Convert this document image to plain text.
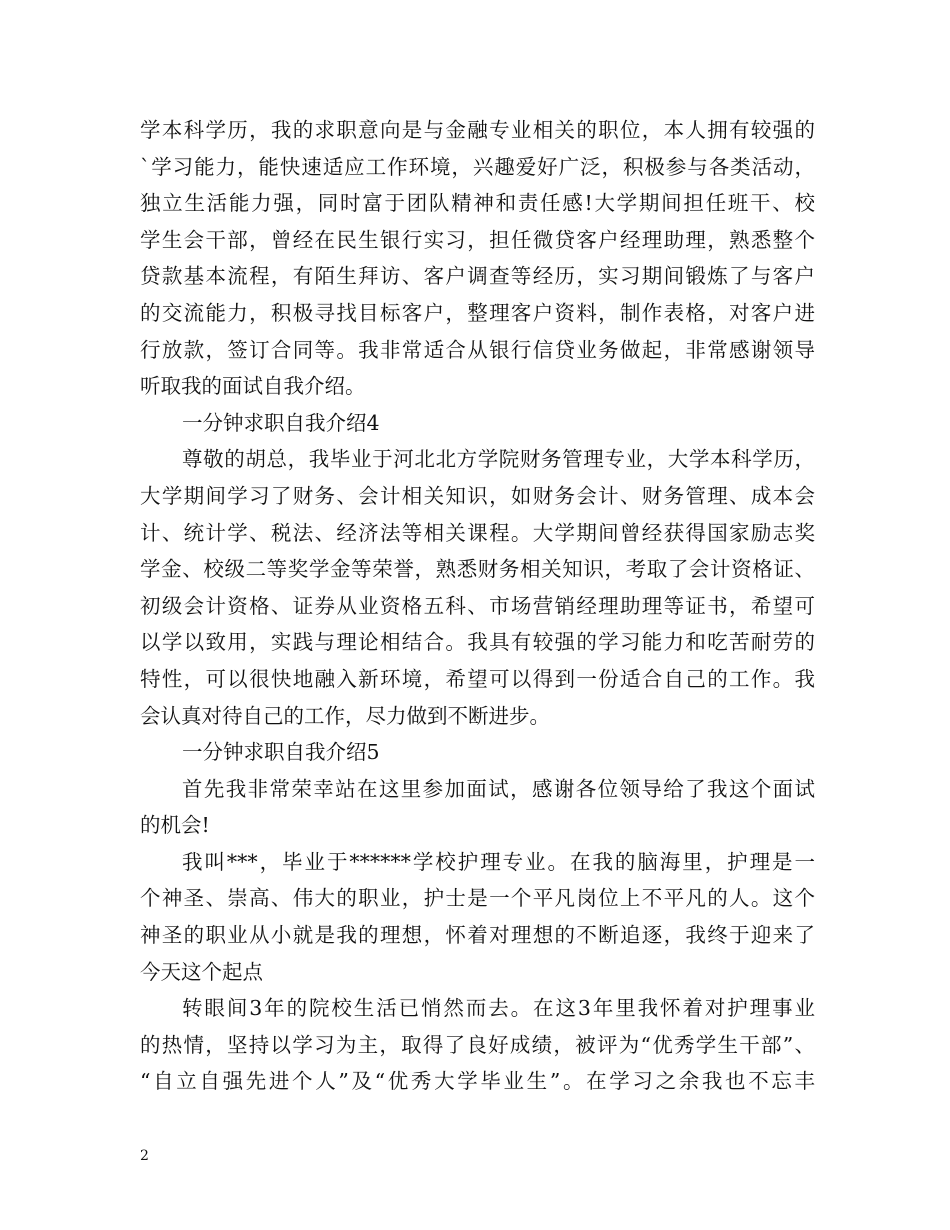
学本科学历，我的求职意向是与金融专业相关的职位，本人拥有较强的
`学习能力，能快速适应工作环境，兴趣爱好广泛，积极参与各类活动，
独立生活能力强，同时富于团队精神和责任感!大学期间担任班干、校
学生会干部，曾经在民生银行实习，担任微贷客户经理助理，熟悉整个
贷款基本流程，有陌生拜访、客户调查等经历，实习期间锻炼了与客户
的交流能力，积极寻找目标客户，整理客户资料，制作表格，对客户进
行放款，签订合同等。我非常适合从银行信贷业务做起，非常感谢领导
听取我的面试自我介绍。
一分钟求职自我介绍4
尊敬的胡总，我毕业于河北北方学院财务管理专业，大学本科学历，
大学期间学习了财务、会计相关知识，如财务会计、财务管理、成本会
计、统计学、税法、经济法等相关课程。大学期间曾经获得国家励志奖
学金、校级二等奖学金等荣誉，熟悉财务相关知识，考取了会计资格证、
初级会计资格、证券从业资格五科、市场营销经理助理等证书，希望可
以学以致用，实践与理论相结合。我具有较强的学习能力和吃苦耐劳的
特性，可以很快地融入新环境，希望可以得到一份适合自己的工作。我
会认真对待自己的工作，尽力做到不断进步。
一分钟求职自我介绍5
首先我非常荣幸站在这里参加面试，感谢各位领导给了我这个面试
的机会!
我叫***，毕业于******学校护理专业。在我的脑海里，护理是一
个神圣、崇高、伟大的职业，护士是一个平凡岗位上不平凡的人。这个
神圣的职业从小就是我的理想，怀着对理想的不断追逐，我终于迎来了
今天这个起点
转眼间3年的院校生活已悄然而去。在这3年里我怀着对护理事业
的热情，坚持以学习为主，取得了良好成绩，被评为“优秀学生干部”、
“自立自强先进个人”及“优秀大学毕业生”。在学习之余我也不忘丰
2
